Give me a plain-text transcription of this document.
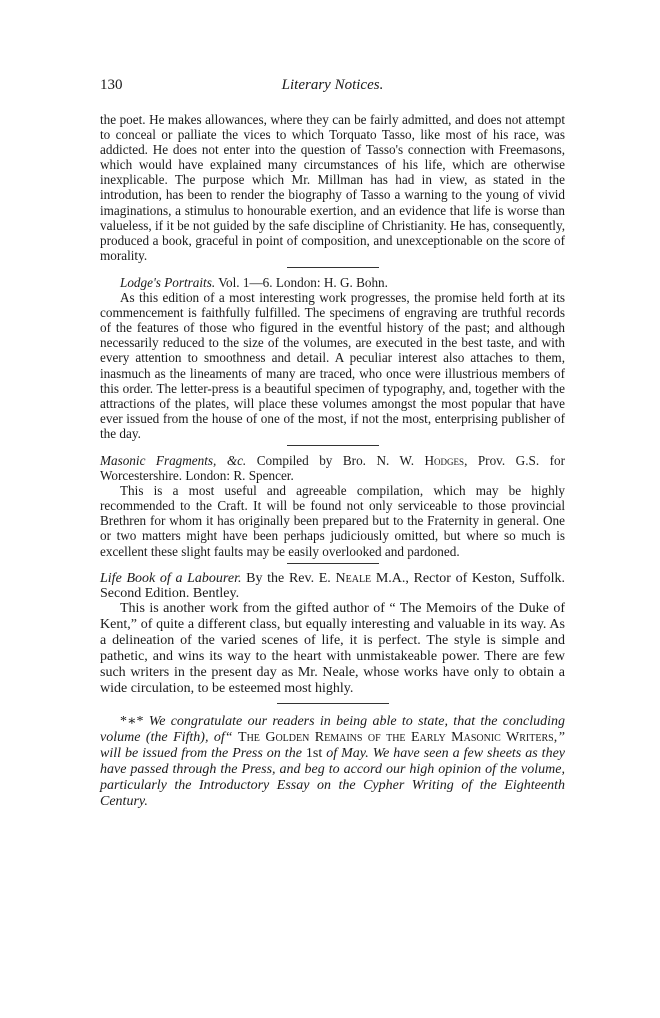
130	Literary Notices.

the poet. He makes allowances, where they can be fairly admitted, and does not attempt to conceal or palliate the vices to which Torquato Tasso, like most of his race, was addicted. He does not enter into the question of Tasso's connection with Freemasons, which would have explained many circumstances of his life, which are otherwise inexplicable. The purpose which Mr. Millman has had in view, as stated in the introdution, has been to render the biography of Tasso a warning to the young of vivid imaginations, a stimulus to honourable exertion, and an evidence that life is worse than valueless, if it be not guided by the safe discipline of Christianity. He has, consequently, produced a book, graceful in point of composition, and unexceptionable on the score of morality.

Lodge's Portraits. Vol. 1—6. London: H. G. Bohn.

As this edition of a most interesting work progresses, the promise held forth at its commencement is faithfully fulfilled. The specimens of engraving are truthful records of the features of those who figured in the eventful history of the past; and although necessarily reduced to the size of the volumes, are executed in the best taste, and with every attention to smoothness and detail. A peculiar interest also attaches to them, inasmuch as the lineaments of many are traced, who once were illustrious members of this order. The letter-press is a beautiful specimen of typography, and, together with the attractions of the plates, will place these volumes amongst the most popular that have ever issued from the house of one of the most, if not the most, enterprising publisher of the day.

Masonic Fragments, &c. Compiled by Bro. N. W. Hodges, Prov. G.S. for Worcestershire. London: R. Spencer.

This is a most useful and agreeable compilation, which may be highly recommended to the Craft. It will be found not only serviceable to those provincial Brethren for whom it has originally been prepared but to the Fraternity in general. One or two matters might have been perhaps judiciously omitted, but where so much is excellent these slight faults may be easily overlooked and pardoned.

Life Book of a Labourer. By the Rev. E. Neale M.A., Rector of Keston, Suffolk. Second Edition. Bentley.

This is another work from the gifted author of “ The Memoirs of the Duke of Kent,” of quite a different class, but equally interesting and valuable in its way. As a delineation of the varied scenes of life, it is perfect. The style is simple and pathetic, and wins its way to the heart with unmistakeable power. There are few such writers in the present day as Mr. Neale, whose works have only to obtain a wide circulation, to be esteemed most highly.

*∗* We congratulate our readers in being able to state, that the concluding volume (the Fifth), of“ The Golden Remains of the Early Masonic Writers,” will be issued from the Press on the 1st of May. We have seen a few sheets as they have passed through the Press, and beg to accord our high opinion of the volume, particularly the Introductory Essay on the Cypher Writing of the Eighteenth Century.
